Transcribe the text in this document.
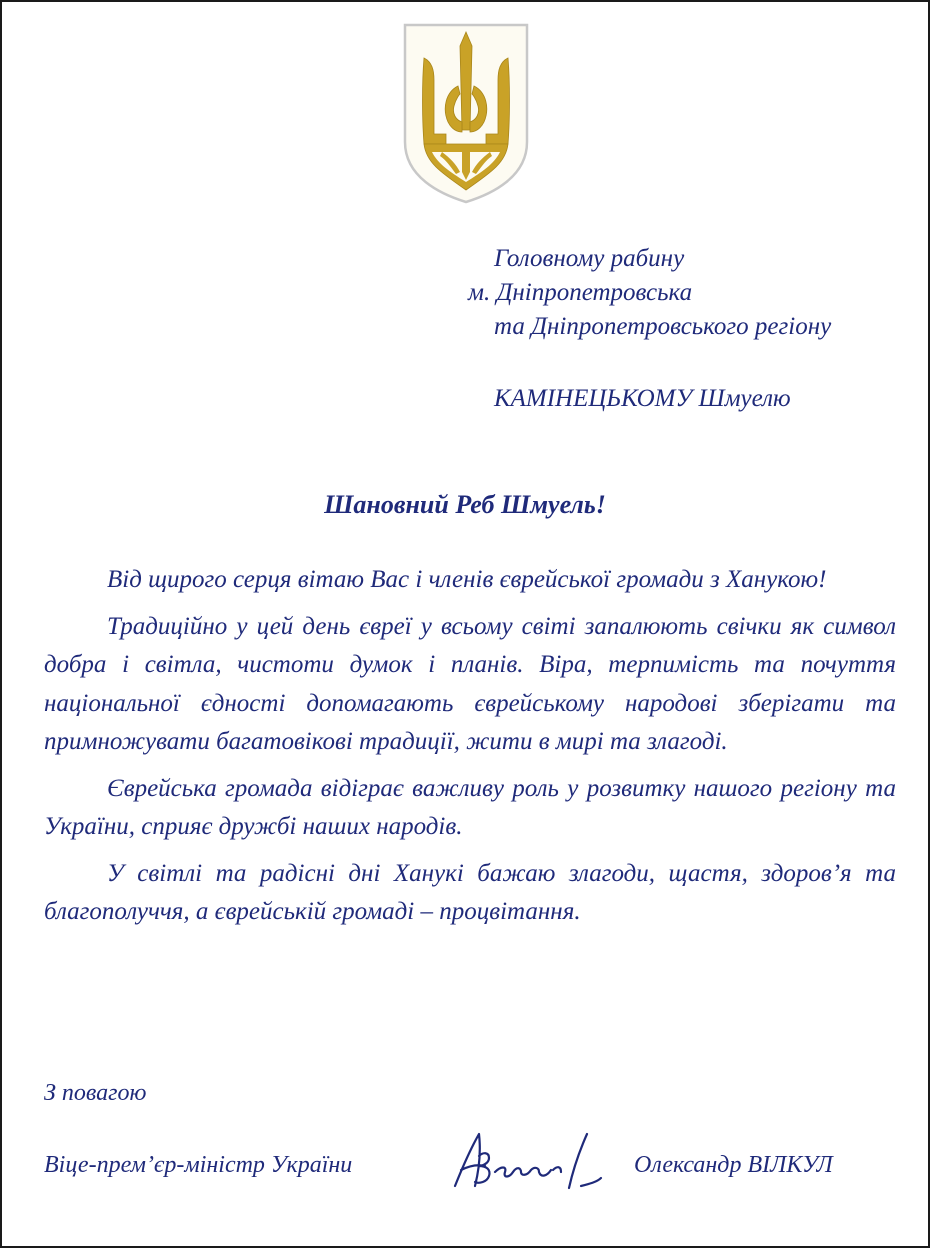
Головному рабину
м. Дніпропетровська
та Дніпропетровського регіону
КАМІНЕЦЬКОМУ Шмуелю
Шановний Реб Шмуель!

Від щирого серця вітаю Вас і членів єврейської громади з Ханукою!

Традиційно у цей день євреї у всьому світі запалюють свічки як символ добра і світла, чистоти думок і планів. Віра, терпимість та почуття національної єдності допомагають єврейському народові зберігати та примножувати багатовікові традиції, жити в мирі та злагоді.

Єврейська громада відіграє важливу роль у розвитку нашого регіону та України, сприяє дружбі наших народів.

У світлі та радісні дні Ханукі бажаю злагоди, щастя, здоров’я та благополуччя, а єврейській громаді – процвітання.

З повагою
Віце-прем’єр-міністр України	Олександр ВІЛКУЛ
